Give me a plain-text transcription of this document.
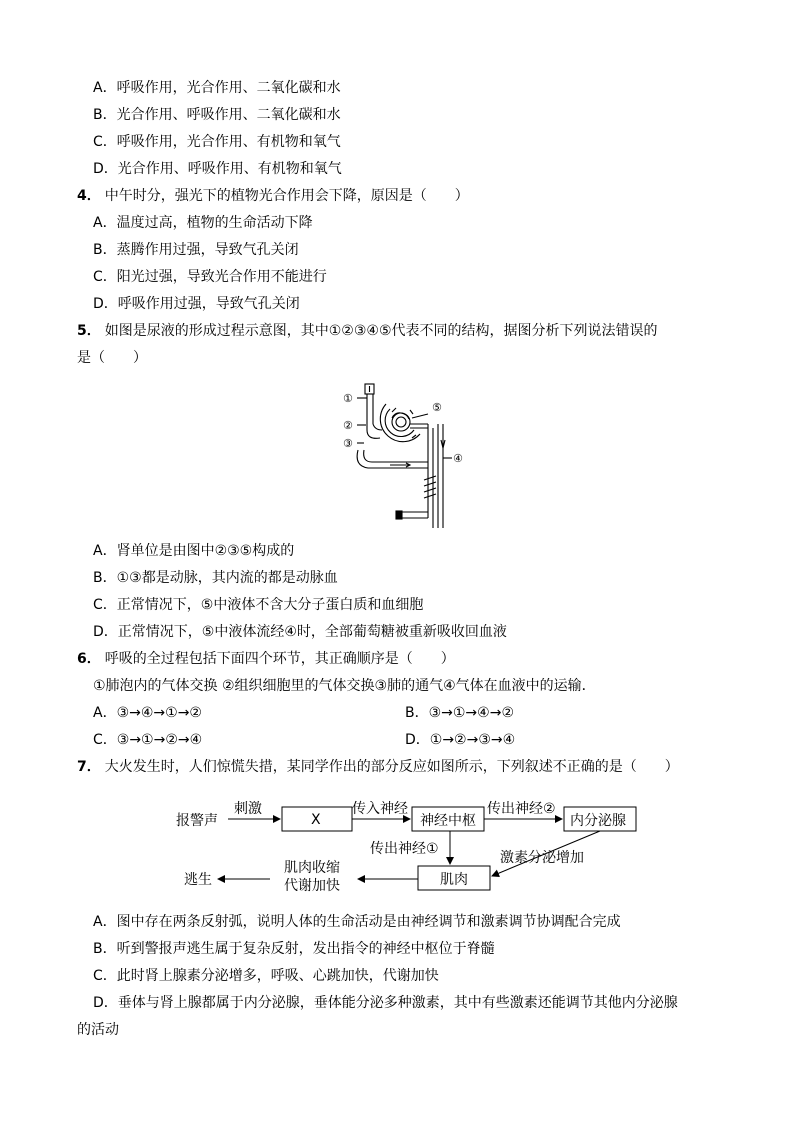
A．呼吸作用，光合作用、二氧化碳和水
B．光合作用、呼吸作用、二氧化碳和水
C．呼吸作用，光合作用、有机物和氧气
D．光合作用、呼吸作用、有机物和氧气
4． 中午时分，强光下的植物光合作用会下降，原因是（　　）
A．温度过高，植物的生命活动下降
B．蒸腾作用过强，导致气孔关闭
C．阳光过强，导致光合作用不能进行
D．呼吸作用过强，导致气孔关闭
5． 如图是尿液的形成过程示意图，其中①②③④⑤代表不同的结构，据图分析下列说法错误的
是（　　）
①
②
③
④
⑤
A．肾单位是由图中②③⑤构成的
B．①③都是动脉，其内流的都是动脉血
C．正常情况下，⑤中液体不含大分子蛋白质和血细胞
D．正常情况下，⑤中液体流经④时，全部葡萄糖被重新吸收回血液
6． 呼吸的全过程包括下面四个环节，其正确顺序是（　　）
①肺泡内的气体交换 ②组织细胞里的气体交换③肺的通气④气体在血液中的运输．
A．③→④→①→②	B．③→①→④→②
C．③→①→②→④	D．①→②→③→④
7． 大火发生时，人们惊慌失措，某同学作出的部分反应如图所示，下列叙述不正确的是（　　）
报警声
刺激
X
传入神经
神经中枢
传出神经②
内分泌腺
传出神经①
激素分泌增加
肌肉
肌肉收缩
代谢加快
逃生
A．图中存在两条反射弧，说明人体的生命活动是由神经调节和激素调节协调配合完成
B．听到警报声逃生属于复杂反射，发出指令的神经中枢位于脊髓
C．此时肾上腺素分泌增多，呼吸、心跳加快，代谢加快
D．垂体与肾上腺都属于内分泌腺，垂体能分泌多种激素，其中有些激素还能调节其他内分泌腺
的活动
